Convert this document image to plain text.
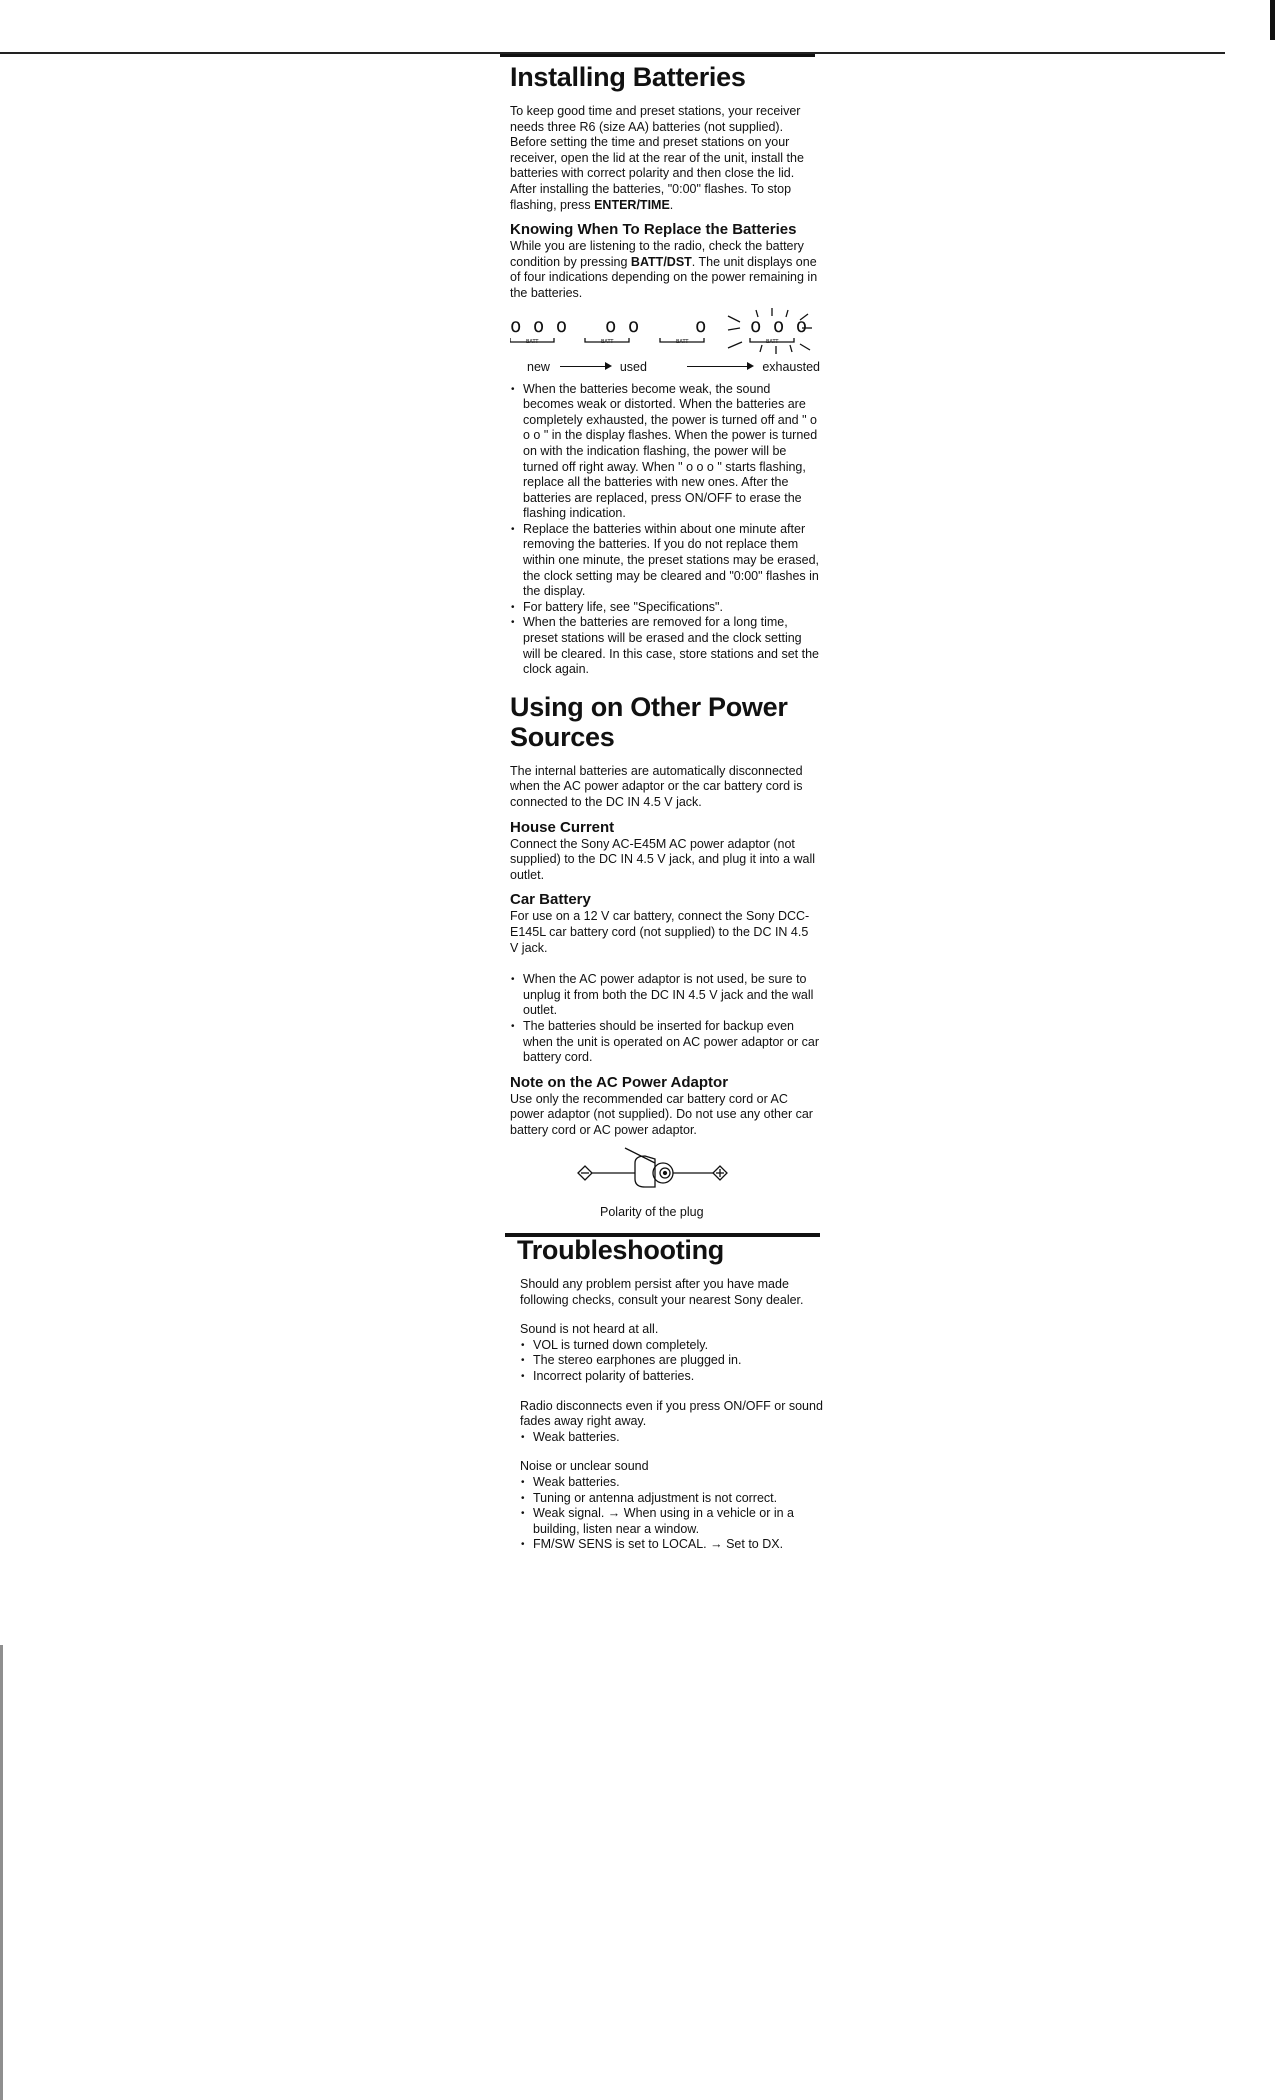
Installing Batteries

To keep good time and preset stations, your receiver needs three R6 (size AA) batteries (not supplied). Before setting the time and preset stations on your receiver, open the lid at the rear of the unit, install the batteries with correct polarity and then close the lid. After installing the batteries, "0:00" flashes. To stop flashing, press ENTER/TIME.

Knowing When To Replace the Batteries

While you are listening to the radio, check the battery condition by pressing BATT/DST. The unit displays one of four indications depending on the power remaining in the batteries.

o o o o o	o o o o
BATT	BATT	BATT	BATT
new	used	exhausted
• When the batteries become weak, the sound becomes weak or distorted. When the batteries are completely exhausted, the power is turned off and " o o o " in the display flashes. When the power is turned on with the indication flashing, the power will be turned off right away. When " o o o " starts flashing, replace all the batteries with new ones. After the batteries are replaced, press ON/OFF to erase the flashing indication.
• Replace the batteries within about one minute after removing the batteries. If you do not replace them within one minute, the preset stations may be erased, the clock setting may be cleared and "0:00" flashes in the display.
• For battery life, see "Specifications".
• When the batteries are removed for a long time, preset stations will be erased and the clock setting will be cleared. In this case, store stations and set the clock again.
Using on Other Power Sources

The internal batteries are automatically disconnected when the AC power adaptor or the car battery cord is connected to the DC IN 4.5 V jack.

House Current

Connect the Sony AC-E45M AC power adaptor (not supplied) to the DC IN 4.5 V jack, and plug it into a wall outlet.

Car Battery

For use on a 12 V car battery, connect the Sony DCC-E145L car battery cord (not supplied) to the DC IN 4.5 V jack.

• When the AC power adaptor is not used, be sure to unplug it from both the DC IN 4.5 V jack and the wall outlet.
• The batteries should be inserted for backup even when the unit is operated on AC power adaptor or car battery cord.
Note on the AC Power Adaptor

Use only the recommended car battery cord or AC power adaptor (not supplied). Do not use any other car battery cord or AC power adaptor.

Polarity of the plug
Troubleshooting

Should any problem persist after you have made following checks, consult your nearest Sony dealer.

Sound is not heard at all.

• VOL is turned down completely.
• The stereo earphones are plugged in.
• Incorrect polarity of batteries.

Radio disconnects even if you press ON/OFF or sound fades away right away.

• Weak batteries.

Noise or unclear sound

• Weak batteries.
• Tuning or antenna adjustment is not correct.
• Weak signal. → When using in a vehicle or in a building, listen near a window.
• FM/SW SENS is set to LOCAL. → Set to DX.
